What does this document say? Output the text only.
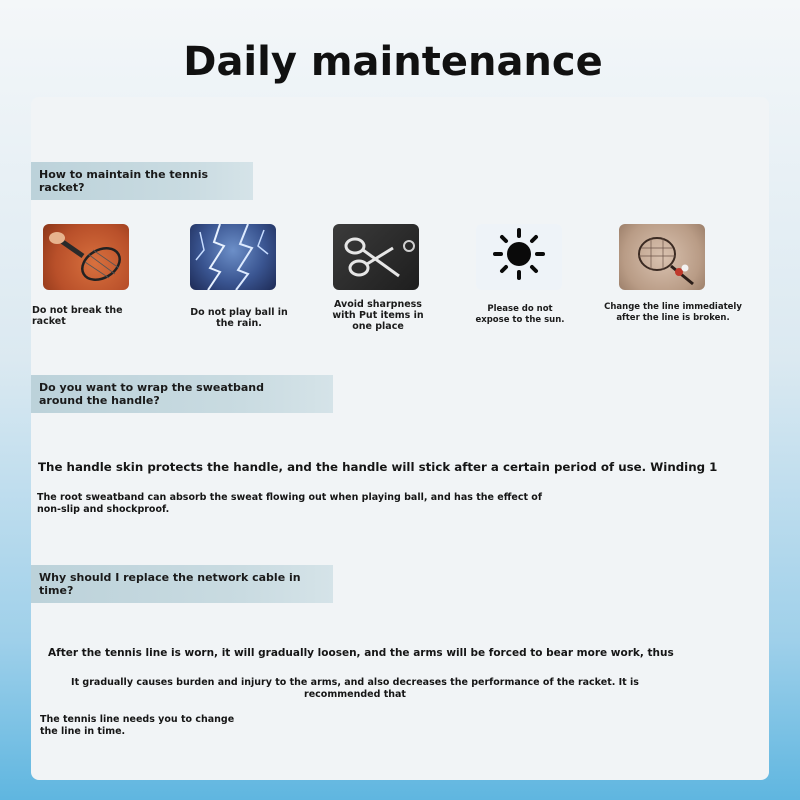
Daily maintenance
How to maintain the tennis racket?
Do not break the racket
Do not play ball in the rain.
Avoid sharpness with Put items in one place
Please do not expose to the sun.
Change the line immediately after the line is broken.
Do you want to wrap the sweatband around the handle?

The handle skin protects the handle, and the handle will stick after a certain period of use. Winding 1

The root sweatband can absorb the sweat flowing out when playing ball, and has the effect of non-slip and shockproof.

Why should I replace the network cable in time?

After the tennis line is worn, it will gradually loosen, and the arms will be forced to bear more work, thus

It gradually causes burden and injury to the arms, and also decreases the performance of the racket. It is recommended that

The tennis line needs you to change the line in time.
